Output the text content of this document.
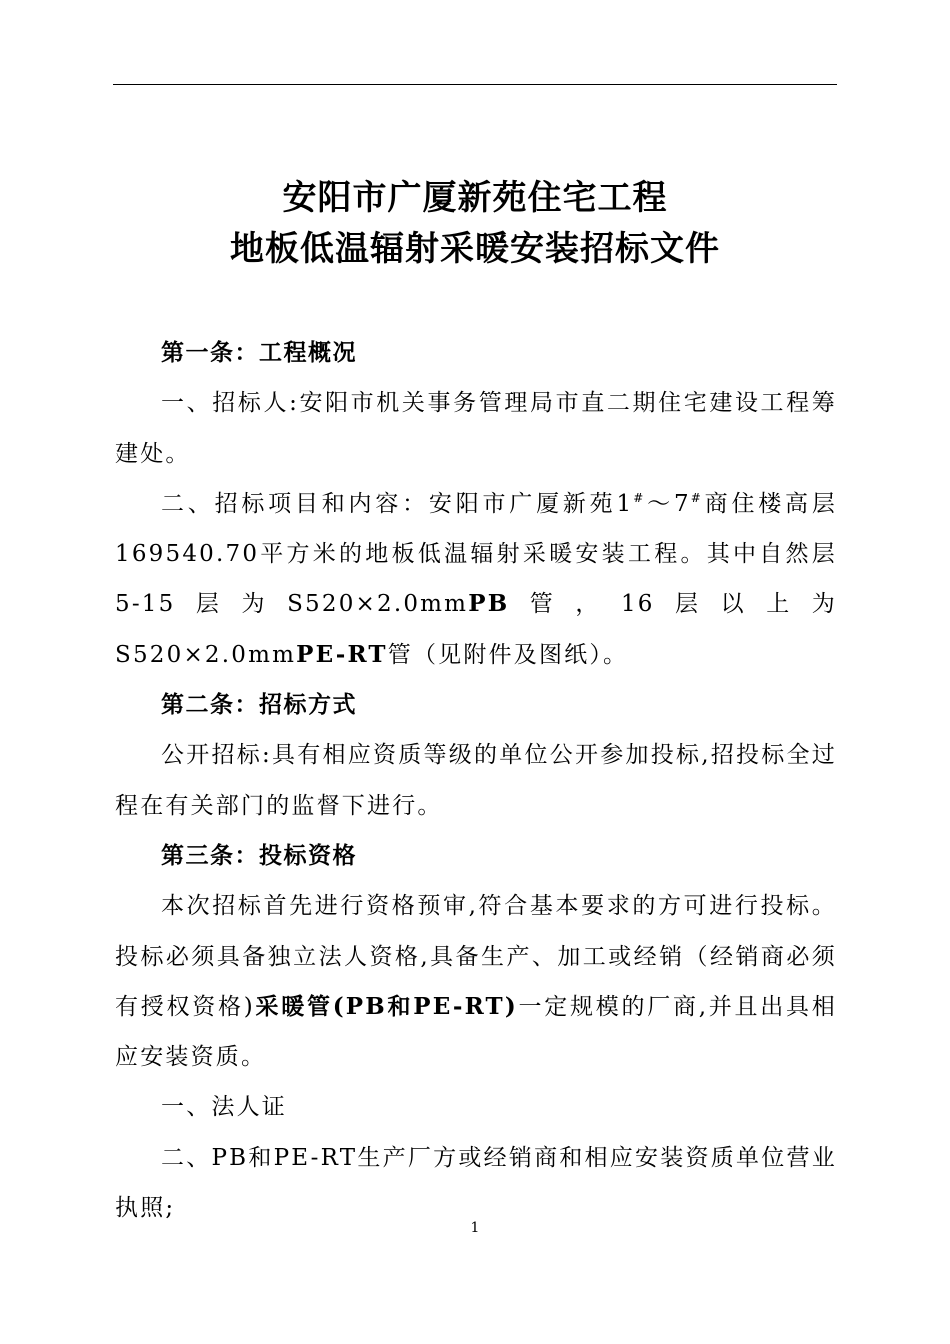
安阳市广厦新苑住宅工程
地板低温辐射采暖安装招标文件

第一条：工程概况

一、招标人:安阳市机关事务管理局市直二期住宅建设工程筹建处。

二、招标项目和内容：安阳市广厦新苑1#～7#商住楼高层169540.70平方米的地板低温辐射采暖安装工程。其中自然层5-15层为S520×2.0mmPB管，16层以上为S520×2.0mmPE-RT管（见附件及图纸）。

第二条：招标方式

公开招标:具有相应资质等级的单位公开参加投标,招投标全过程在有关部门的监督下进行。

第三条：投标资格

本次招标首先进行资格预审,符合基本要求的方可进行投标。投标必须具备独立法人资格,具备生产、加工或经销（经销商必须有授权资格)采暖管(PB和PE-RT)一定规模的厂商,并且出具相应安装资质。

一、法人证

二、PB和PE-RT生产厂方或经销商和相应安装资质单位营业执照;

1
